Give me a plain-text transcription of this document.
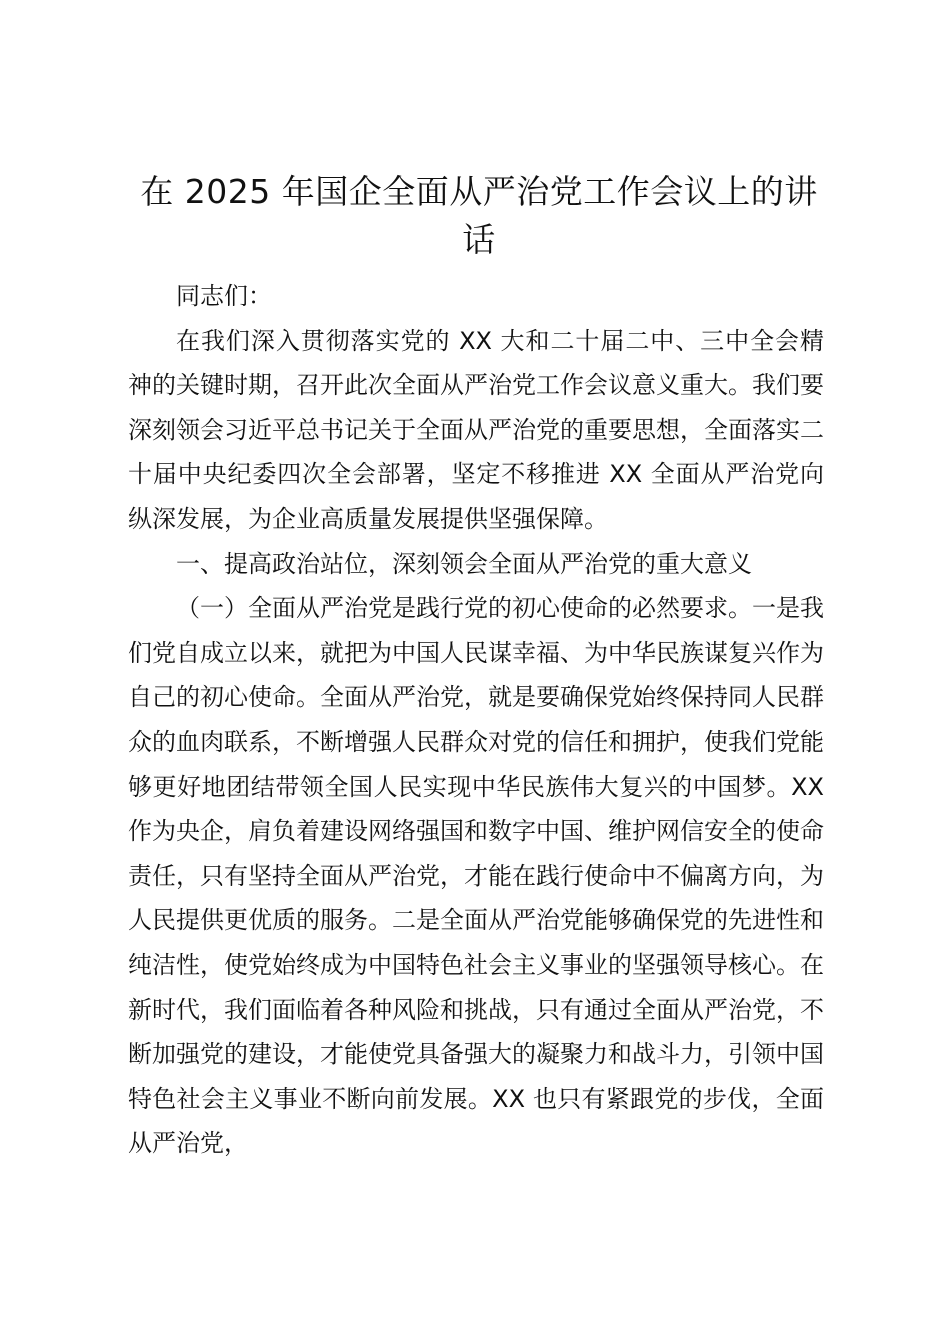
在 2025 年国企全面从严治党工作会议上的讲话

同志们：

在我们深入贯彻落实党的 XX 大和二十届二中、三中全会精神的关键时期，召开此次全面从严治党工作会议意义重大。我们要深刻领会习近平总书记关于全面从严治党的重要思想，全面落实二十届中央纪委四次全会部署，坚定不移推进 XX 全面从严治党向纵深发展，为企业高质量发展提供坚强保障。

一、提高政治站位，深刻领会全面从严治党的重大意义

（一）全面从严治党是践行党的初心使命的必然要求。一是我们党自成立以来，就把为中国人民谋幸福、为中华民族谋复兴作为自己的初心使命。全面从严治党，就是要确保党始终保持同人民群众的血肉联系，不断增强人民群众对党的信任和拥护，使我们党能够更好地团结带领全国人民实现中华民族伟大复兴的中国梦。XX 作为央企，肩负着建设网络强国和数字中国、维护网信安全的使命责任，只有坚持全面从严治党，才能在践行使命中不偏离方向，为人民提供更优质的服务。二是全面从严治党能够确保党的先进性和纯洁性，使党始终成为中国特色社会主义事业的坚强领导核心。在新时代，我们面临着各种风险和挑战，只有通过全面从严治党，不断加强党的建设，才能使党具备强大的凝聚力和战斗力，引领中国特色社会主义事业不断向前发展。XX 也只有紧跟党的步伐，全面从严治党，
